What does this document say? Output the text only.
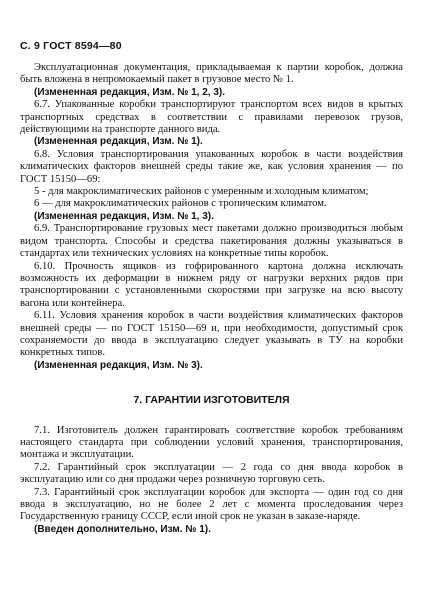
С. 9 ГОСТ 8594—80

Эксплуатационная документация, прикладываемая к партии коробок, должна быть вложена в непромокаемый пакет в грузовое место № 1.

(Измененная редакция, Изм. № 1, 2, 3).

6.7. Упакованные коробки транспортируют транспортом всех видов в крытых транспортных средствах в соответствии с правилами перевозок грузов, действующими на транспорте данного вида.

(Измененная редакция, Изм. № 1).

6.8. Условия транспортирования упакованных коробок в части воздействия климатических факторов внешней среды такие же, как условия хранения — по ГОСТ 15150—69:

5 - для макроклиматических районов с умеренным и холодным климатом;

6 — для макроклиматических районов с тропическим климатом.

(Измененная редакция, Изм. № 1, 3).

6.9. Транспортирование грузовых мест пакетами должно производиться любым видом транспорта. Способы и средства пакетирования должны указываться в стандартах или технических условиях на конкретные типы коробок.

6.10. Прочность ящиков из гофрированного картона должна исключать возможность их деформации в нижнем ряду от нагрузки верхних рядов при транспортировании с установленными скоростями при загрузке на всю высоту вагона или контейнера.

6.11. Условия хранения коробок в части воздействия климатических факторов внешней среды — по ГОСТ 15150—69 и, при необходимости, допустимый срок сохраняемости до ввода в эксплуатацию следует указывать в ТУ на коробки конкретных типов.

(Измененная редакция, Изм. № 3).

7. ГАРАНТИИ ИЗГОТОВИТЕЛЯ

7.1. Изготовитель должен гарантировать соответствие коробок требованиям настоящего стандарта при соблюдении условий хранения, транспортирования, монтажа и эксплуатации.

7.2. Гарантийный срок эксплуатации — 2 года со дня ввода коробок в эксплуатацию или со дня продажи через розничную торговую сеть.

7.3. Гарантийный срок эксплуатации коробок для экспорта — один год со дня ввода в эксплуатацию, но не более 2 лет с момента проследования через Государственную границу СССР, если иной срок не указан в заказе-наряде.

(Введен дополнительно, Изм. № 1).
